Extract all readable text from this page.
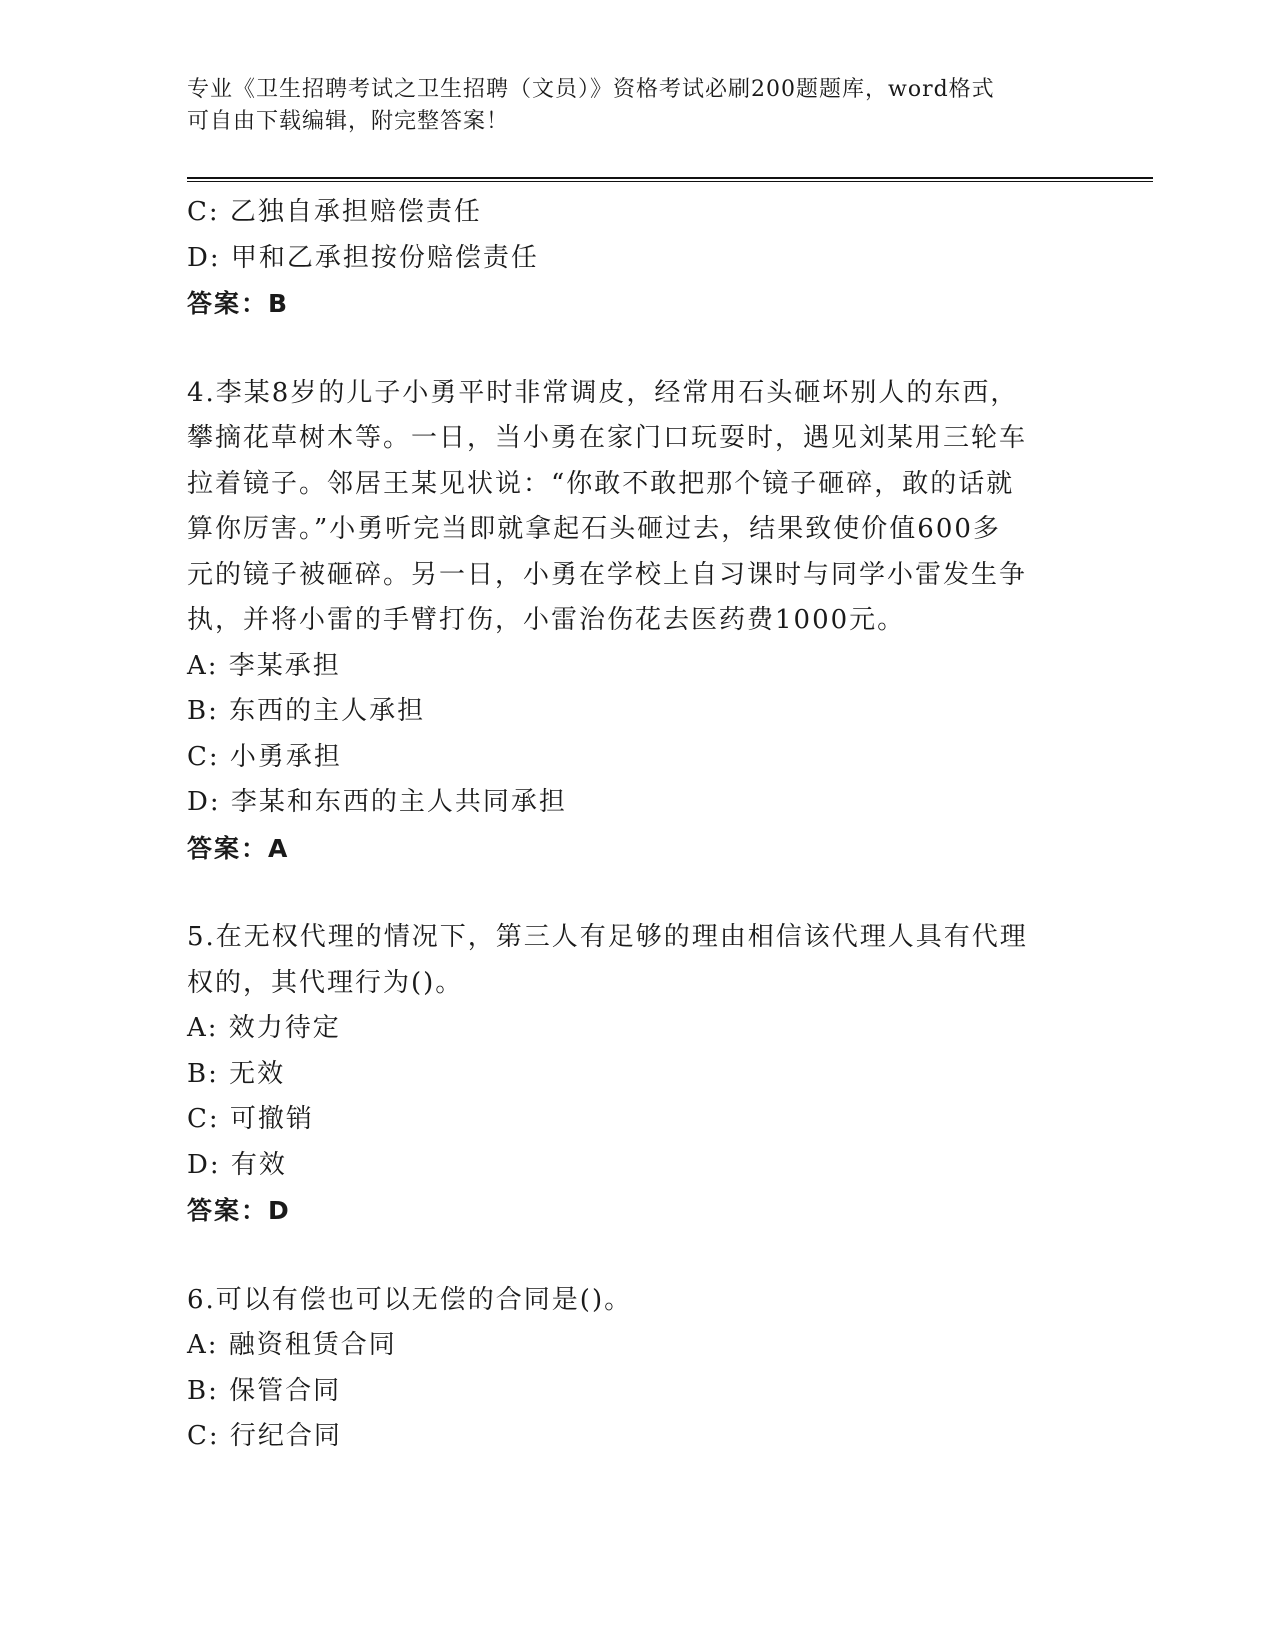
专业《卫生招聘考试之卫生招聘（文员）》资格考试必刷200题题库，word格式
可自由下载编辑，附完整答案！
C: 乙独自承担赔偿责任
D: 甲和乙承担按份赔偿责任
答案：B
4.李某8岁的儿子小勇平时非常调皮，经常用石头砸坏别人的东西，
攀摘花草树木等。一日，当小勇在家门口玩耍时，遇见刘某用三轮车
拉着镜子。邻居王某见状说：“你敢不敢把那个镜子砸碎，敢的话就
算你厉害。”小勇听完当即就拿起石头砸过去，结果致使价值600多
元的镜子被砸碎。另一日，小勇在学校上自习课时与同学小雷发生争
执，并将小雷的手臂打伤，小雷治伤花去医药费1000元。
A: 李某承担
B: 东西的主人承担
C: 小勇承担
D: 李某和东西的主人共同承担
答案：A
5.在无权代理的情况下，第三人有足够的理由相信该代理人具有代理
权的，其代理行为()。
A: 效力待定
B: 无效
C: 可撤销
D: 有效
答案：D
6.可以有偿也可以无偿的合同是()。
A: 融资租赁合同
B: 保管合同
C: 行纪合同
